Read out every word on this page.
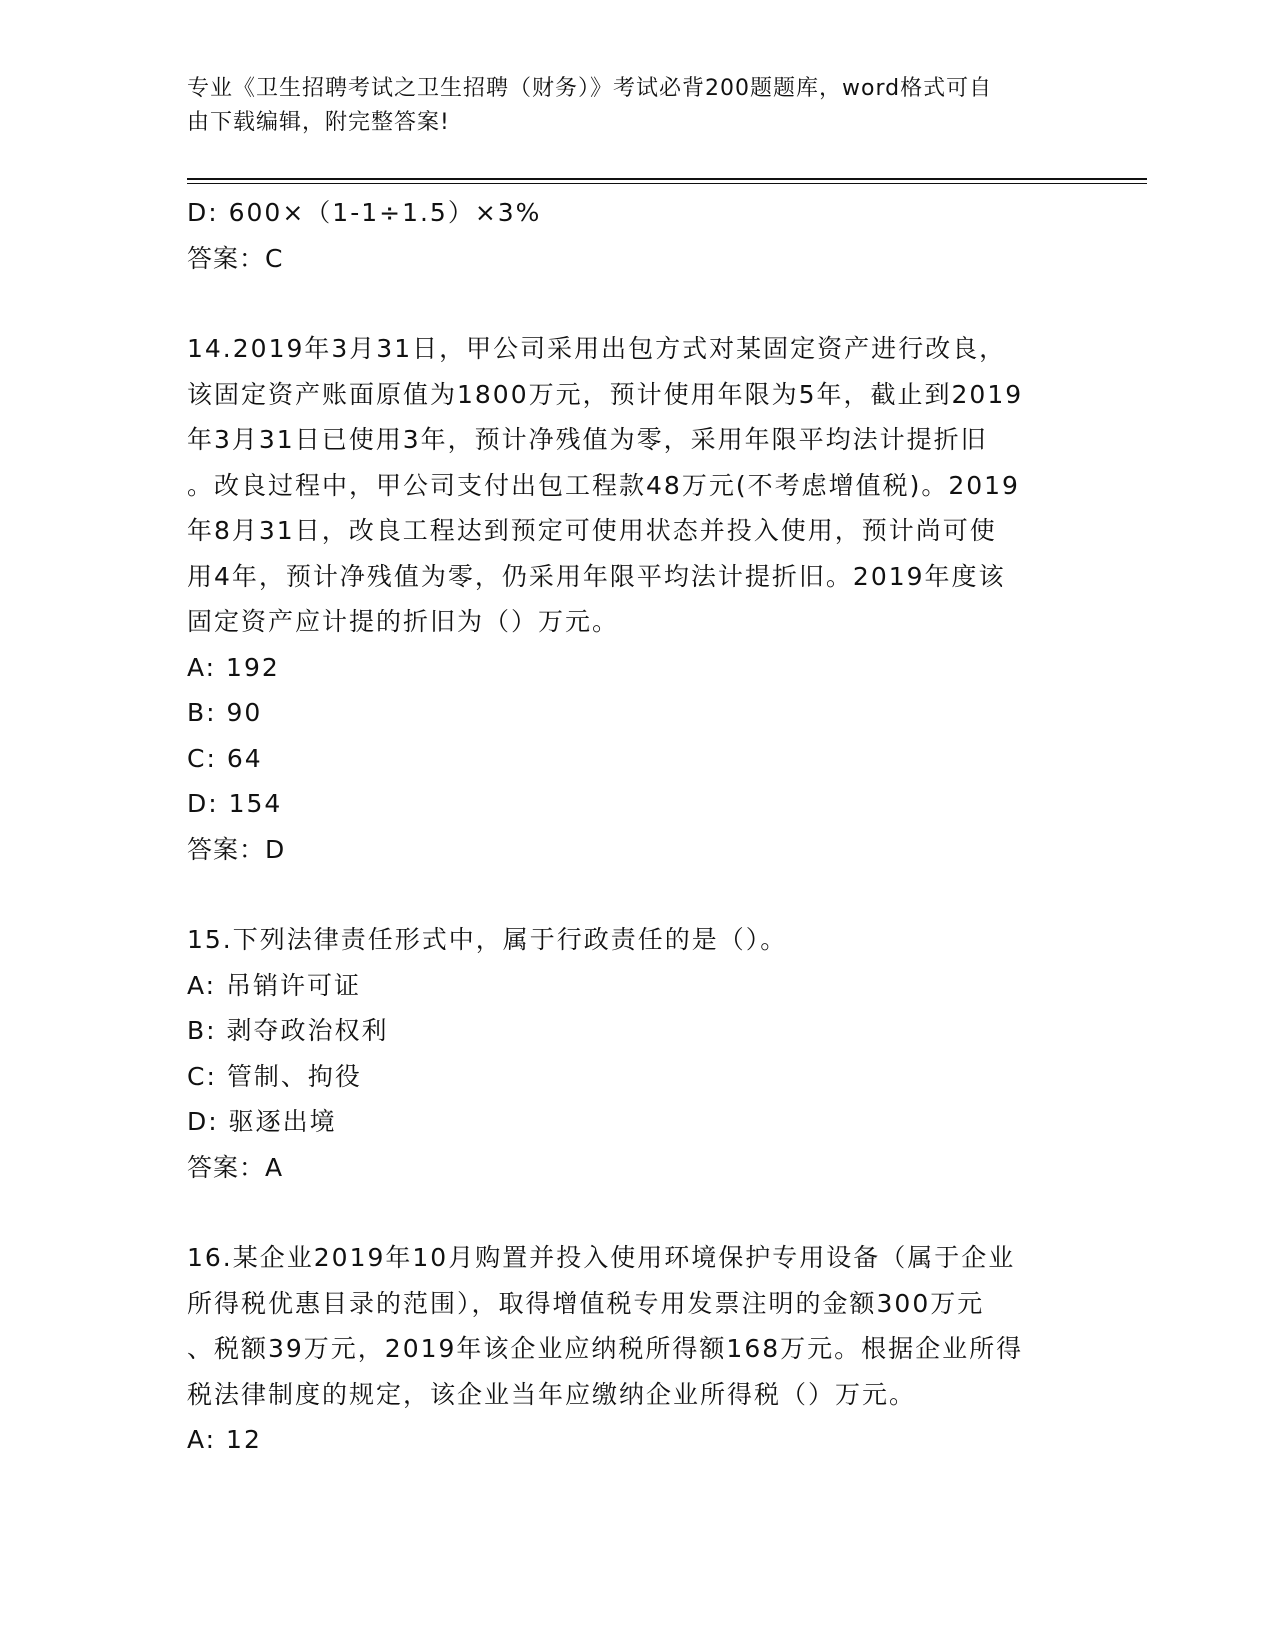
专业《卫生招聘考试之卫生招聘（财务）》考试必背200题题库，word格式可自
由下载编辑，附完整答案!
D: 600×（1-1÷1.5）×3%
答案：C
14.2019年3月31日，甲公司采用出包方式对某固定资产进行改良，
该固定资产账面原值为1800万元，预计使用年限为5年，截止到2019
年3月31日已使用3年，预计净残值为零，采用年限平均法计提折旧
。改良过程中，甲公司支付出包工程款48万元(不考虑增值税)。2019
年8月31日，改良工程达到预定可使用状态并投入使用，预计尚可使
用4年，预计净残值为零，仍采用年限平均法计提折旧。2019年度该
固定资产应计提的折旧为（）万元。
A: 192
B: 90
C: 64
D: 154
答案：D
15.下列法律责任形式中，属于行政责任的是（）。
A: 吊销许可证
B: 剥夺政治权利
C: 管制、拘役
D: 驱逐出境
答案：A
16.某企业2019年10月购置并投入使用环境保护专用设备（属于企业
所得税优惠目录的范围），取得增值税专用发票注明的金额300万元
、税额39万元，2019年该企业应纳税所得额168万元。根据企业所得
税法律制度的规定，该企业当年应缴纳企业所得税（）万元。
A: 12
